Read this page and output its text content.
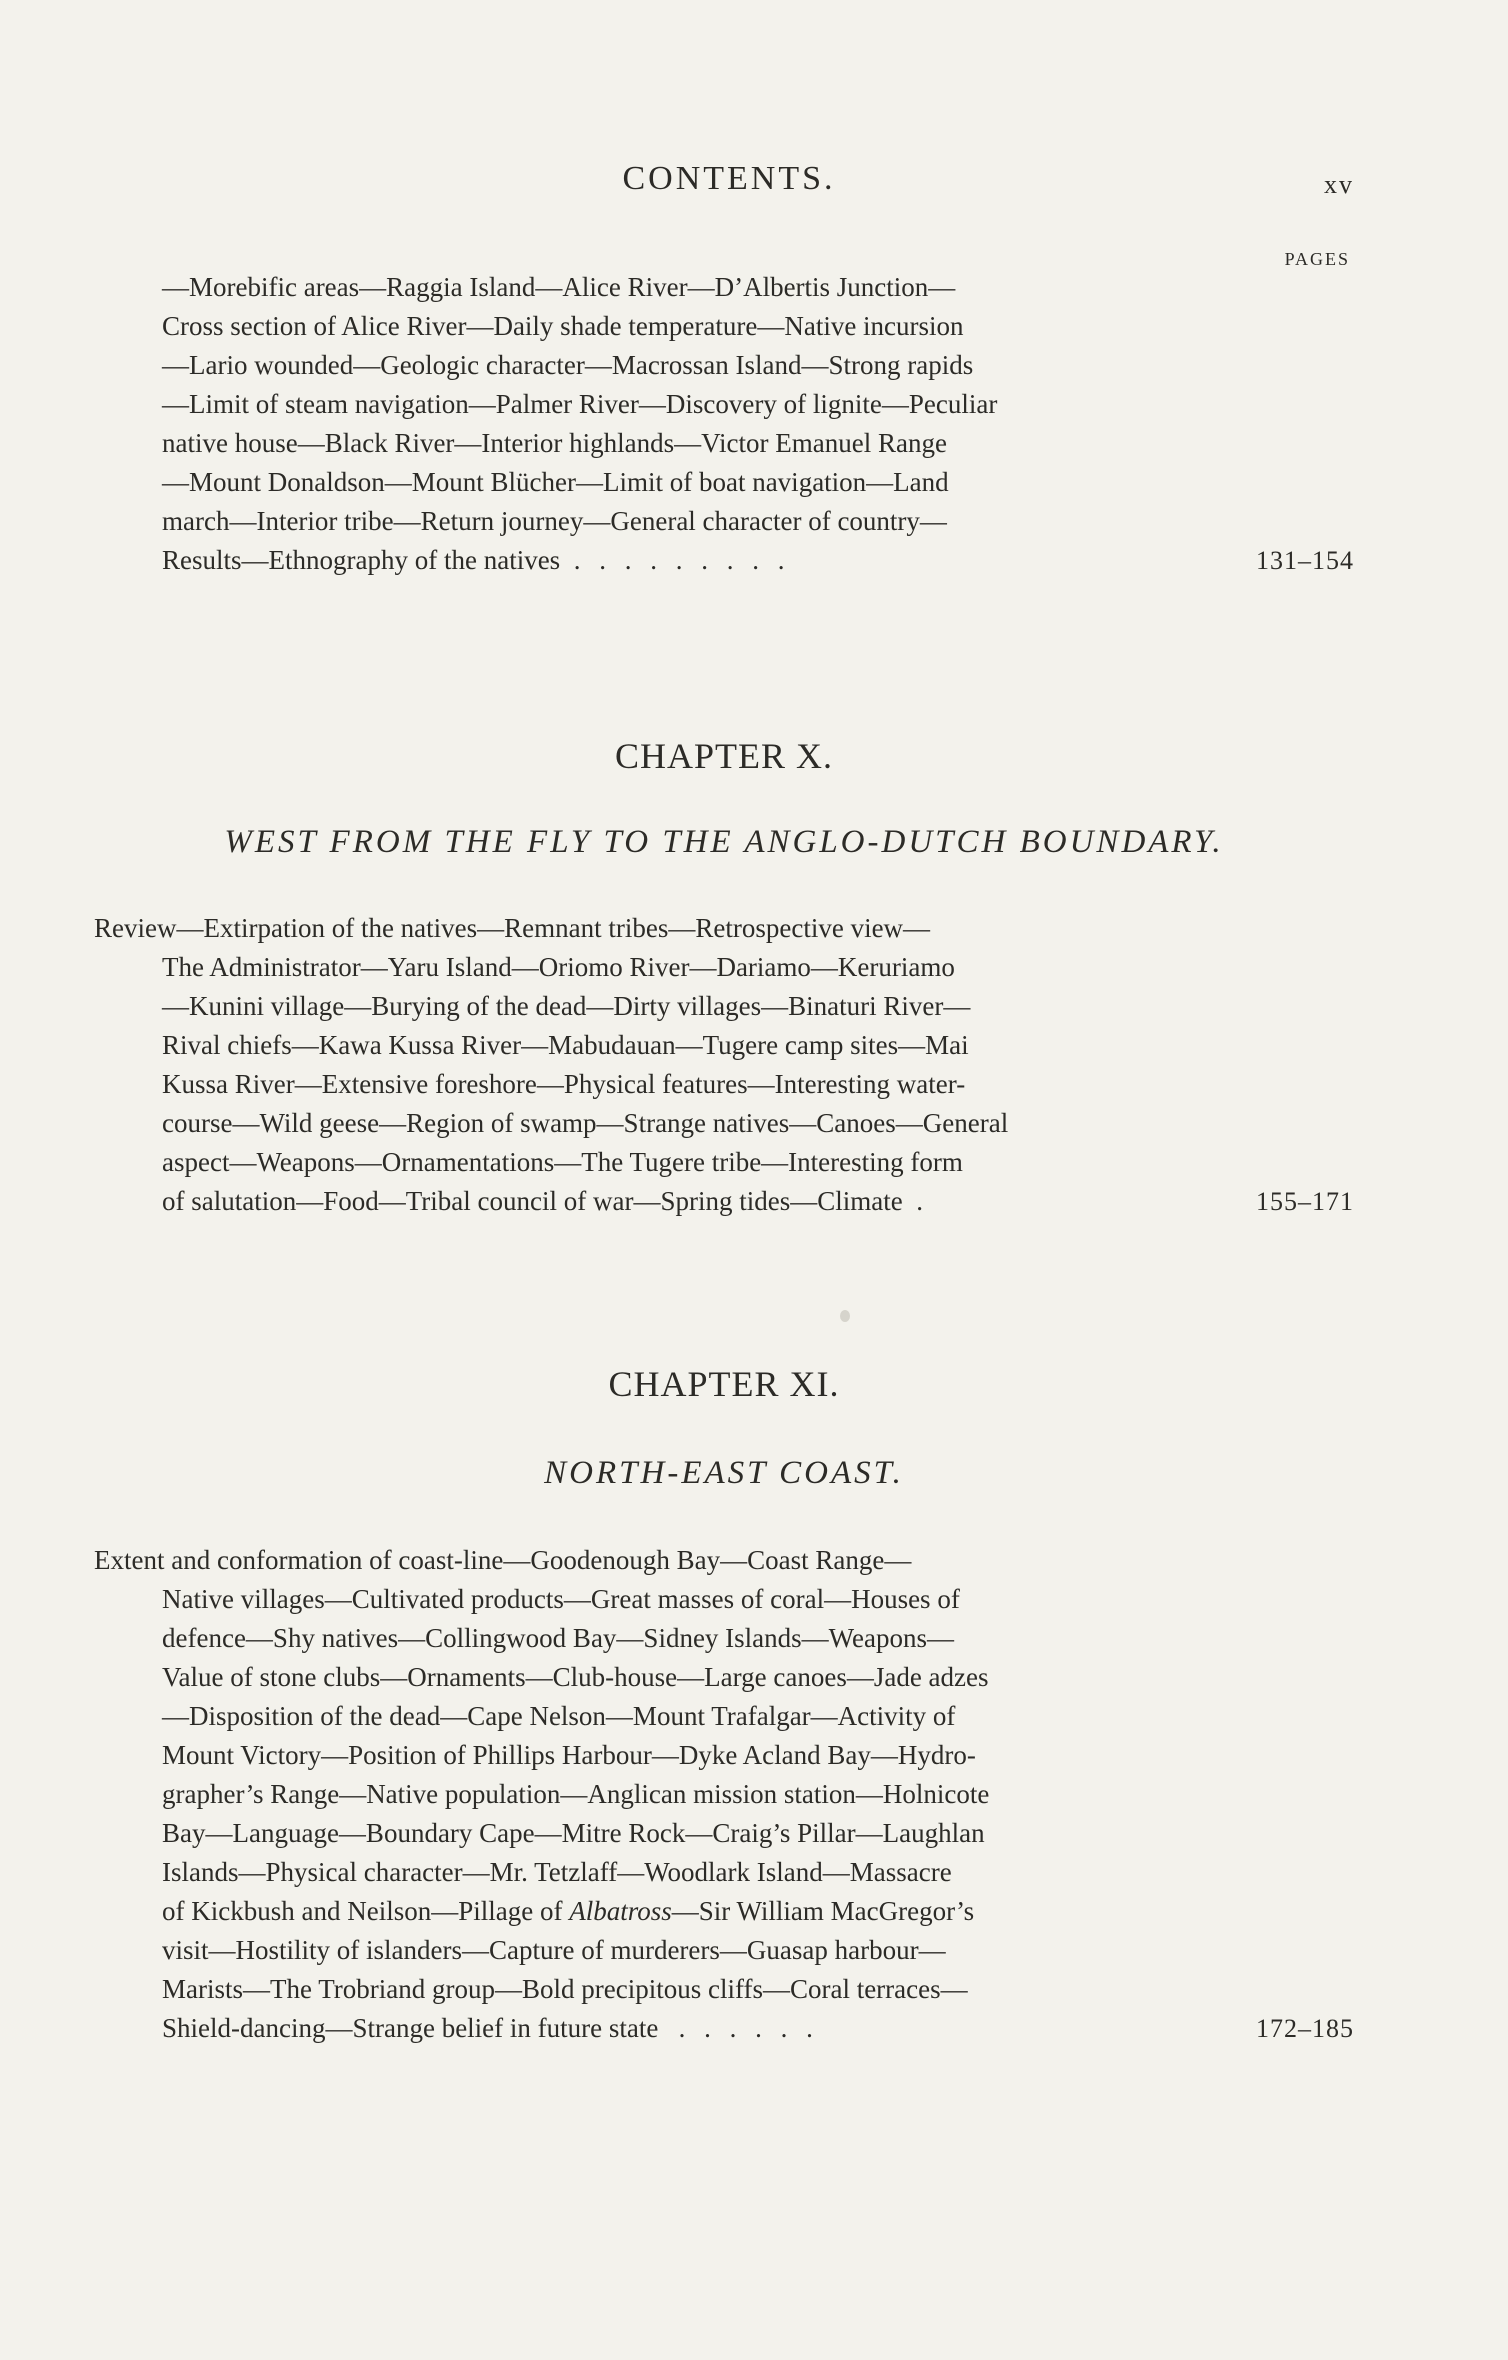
CONTENTS.	xv
PAGES
—Morebific areas—Raggia Island—Alice River—D’Albertis Junction—
Cross section of Alice River—Daily shade temperature—Native incursion
—Lario wounded—Geologic character—Macrossan Island—Strong rapids
—Limit of steam navigation—Palmer River—Discovery of lignite—Peculiar
native house—Black River—Interior highlands—Victor Emanuel Range
—Mount Donaldson—Mount Blücher—Limit of boat navigation—Land
march—Interior tribe—Return journey—General character of country—
Results—Ethnography of the natives . . . . . . . . .	131–154
CHAPTER X.
WEST FROM THE FLY TO THE ANGLO-DUTCH BOUNDARY.
Review—Extirpation of the natives—Remnant tribes—Retrospective view—
The Administrator—Yaru Island—Oriomo River—Dariamo—Keruriamo
—Kunini village—Burying of the dead—Dirty villages—Binaturi River—
Rival chiefs—Kawa Kussa River—Mabudauan—Tugere camp sites—Mai
Kussa River—Extensive foreshore—Physical features—Interesting water-
course—Wild geese—Region of swamp—Strange natives—Canoes—General
aspect—Weapons—Ornamentations—The Tugere tribe—Interesting form
of salutation—Food—Tribal council of war—Spring tides—Climate .	155–171
CHAPTER XI.
NORTH-EAST COAST.
Extent and conformation of coast-line—Goodenough Bay—Coast Range—
Native villages—Cultivated products—Great masses of coral—Houses of
defence—Shy natives—Collingwood Bay—Sidney Islands—Weapons—
Value of stone clubs—Ornaments—Club-house—Large canoes—Jade adzes
—Disposition of the dead—Cape Nelson—Mount Trafalgar—Activity of
Mount Victory—Position of Phillips Harbour—Dyke Acland Bay—Hydro-
grapher’s Range—Native population—Anglican mission station—Holnicote
Bay—Language—Boundary Cape—Mitre Rock—Craig’s Pillar—Laughlan
Islands—Physical character—Mr. Tetzlaff—Woodlark Island—Massacre
of Kickbush and Neilson—Pillage of Albatross—Sir William MacGregor’s
visit—Hostility of islanders—Capture of murderers—Guasap harbour—
Marists—The Trobriand group—Bold precipitous cliffs—Coral terraces—
Shield-dancing—Strange belief in future state . . . . . .	172–185
